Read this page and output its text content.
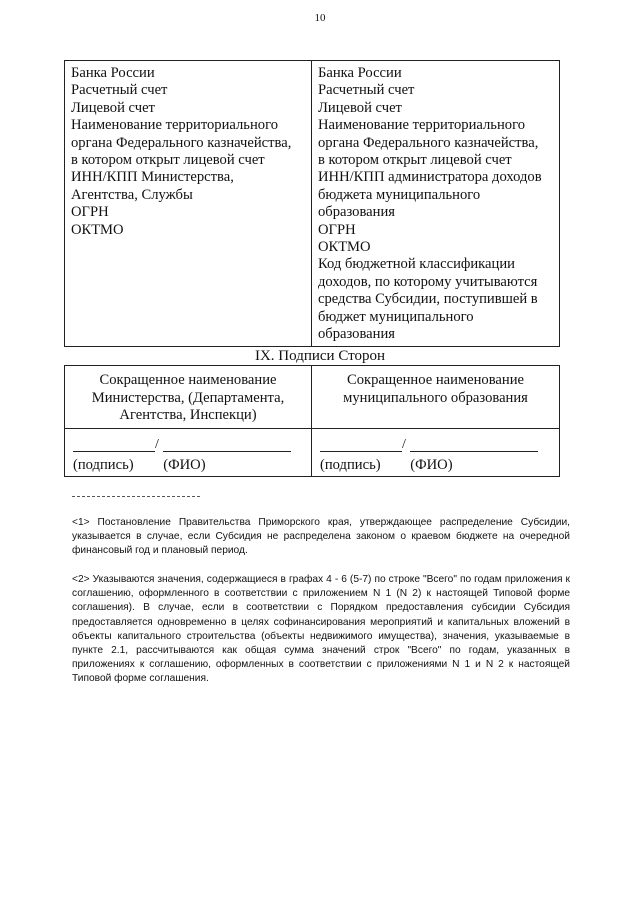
10
Банка России
Расчетный счет
Лицевой счет
Наименование территориального
органа Федерального казначейства,
в котором открыт лицевой счет
ИНН/КПП Министерства,
Агентства, Службы
ОГРН
ОКТМО
Банка России
Расчетный счет
Лицевой счет
Наименование территориального
органа Федерального казначейства,
в котором открыт лицевой счет
ИНН/КПП администратора доходов
бюджета муниципального
образования
ОГРН
ОКТМО
Код бюджетной классификации
доходов, по которому учитываются
средства Субсидии, поступившей в
бюджет муниципального
образования
IX. Подписи Сторон
Сокращенное наименование
Министерства, (Департамента,
Агентства, Инспекци)
Сокращенное наименование
муниципального образования
/
(подпись) (ФИО)
/
(подпись) (ФИО)
<1> Постановление Правительства Приморского края, утверждающее распределение Субсидии, указывается в случае, если Субсидия не распределена законом о краевом бюджете на очередной финансовый год и плановый период.
<2> Указываются значения, содержащиеся в графах 4 - 6 (5-7) по строке "Всего" по годам приложения к соглашению, оформленного в соответствии с приложением N 1 (N 2) к настоящей Типовой форме соглашения). В случае, если в соответствии с Порядком предоставления субсидии Субсидия предоставляется одновременно в целях софинансирования мероприятий и капитальных вложений в объекты капитального строительства (объекты недвижимого имущества), значения, указываемые в пункте 2.1, рассчитываются как общая сумма значений строк "Всего" по годам, указанных в приложениях к соглашению, оформленных в соответствии с приложениями N 1 и N 2 к настоящей Типовой форме соглашения.
